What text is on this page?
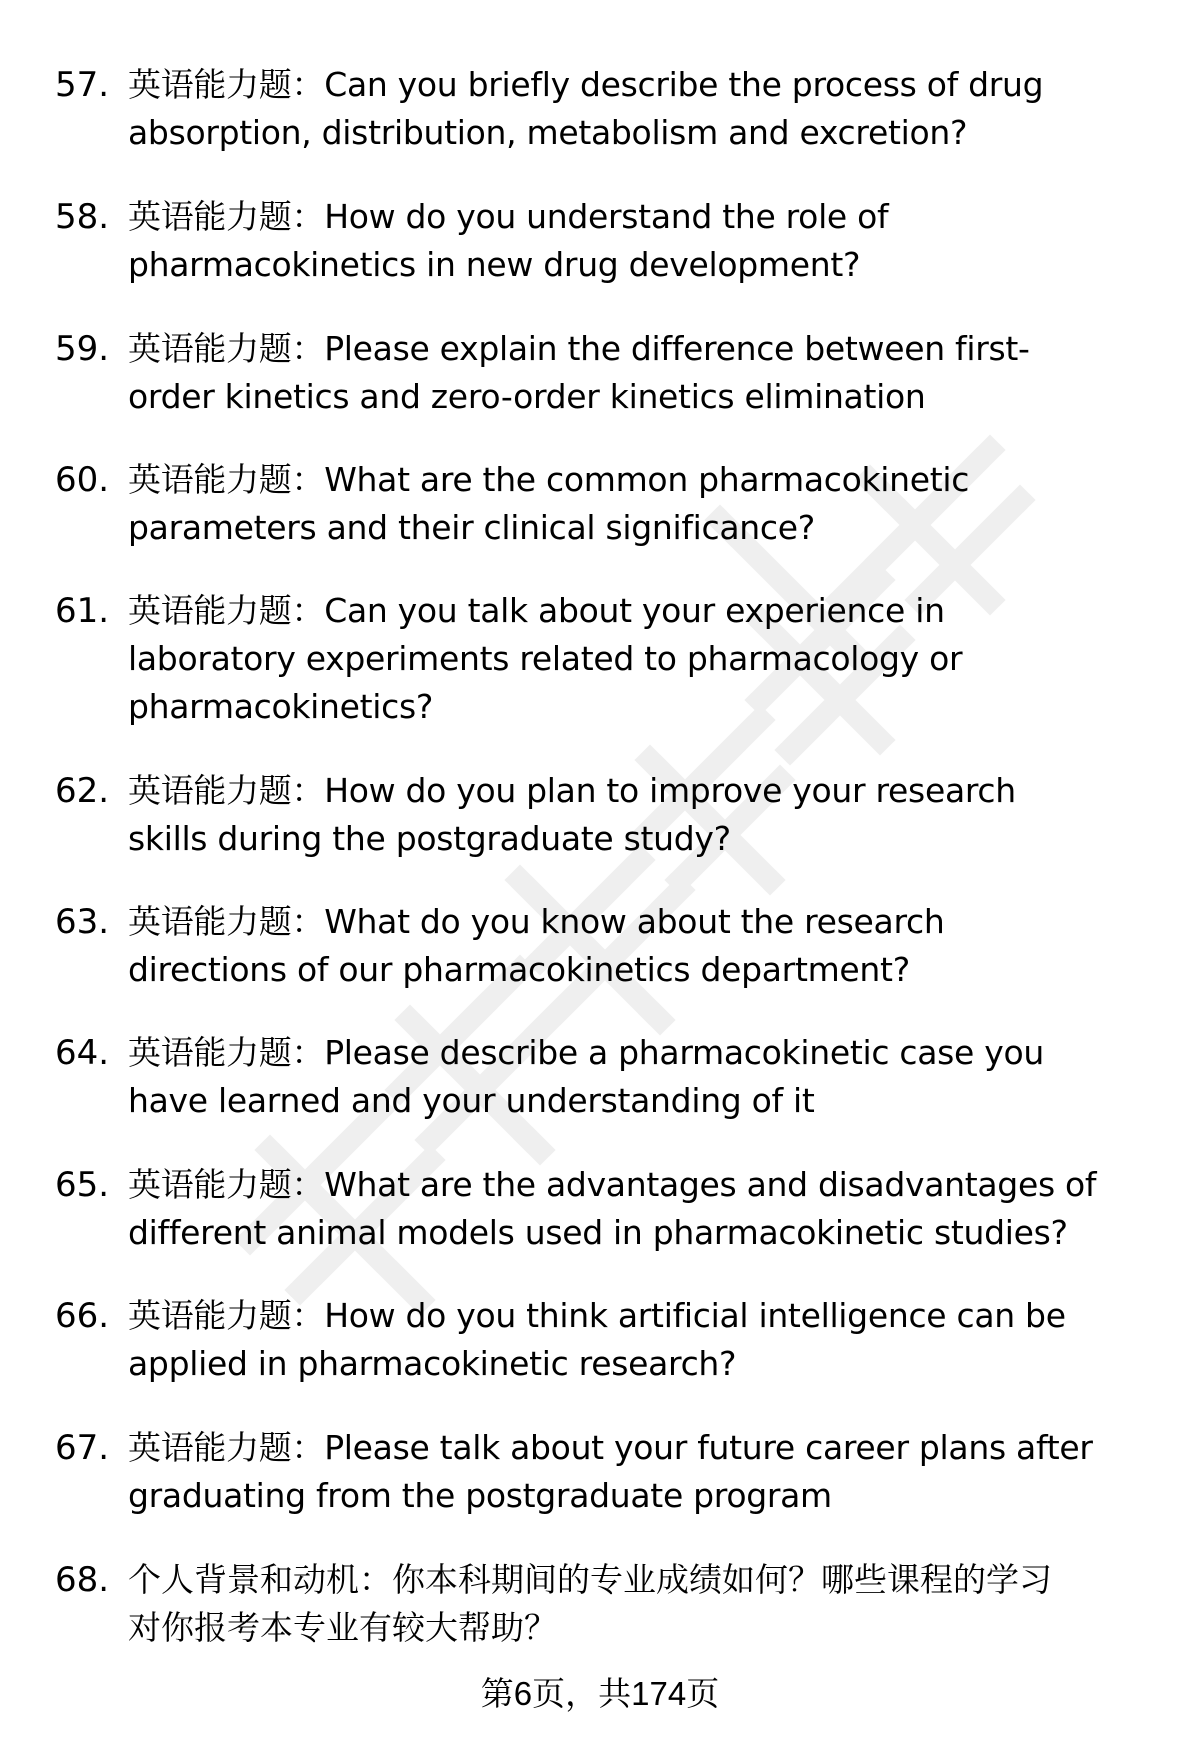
57. 英语能力题：Can you briefly describe the process of drug
absorption, distribution, metabolism and excretion?
58. 英语能力题：How do you understand the role of
pharmacokinetics in new drug development?
59. 英语能力题：Please explain the difference between first-
order kinetics and zero-order kinetics elimination
60. 英语能力题：What are the common pharmacokinetic
parameters and their clinical significance?
61. 英语能力题：Can you talk about your experience in
laboratory experiments related to pharmacology or
pharmacokinetics?
62. 英语能力题：How do you plan to improve your research
skills during the postgraduate study?
63. 英语能力题：What do you know about the research
directions of our pharmacokinetics department?
64. 英语能力题：Please describe a pharmacokinetic case you
have learned and your understanding of it
65. 英语能力题：What are the advantages and disadvantages of
different animal models used in pharmacokinetic studies?
66. 英语能力题：How do you think artificial intelligence can be
applied in pharmacokinetic research?
67. 英语能力题：Please talk about your future career plans after
graduating from the postgraduate program
68. 个人背景和动机：你本科期间的专业成绩如何？哪些课程的学习
对你报考本专业有较大帮助？
第6页，共174页
